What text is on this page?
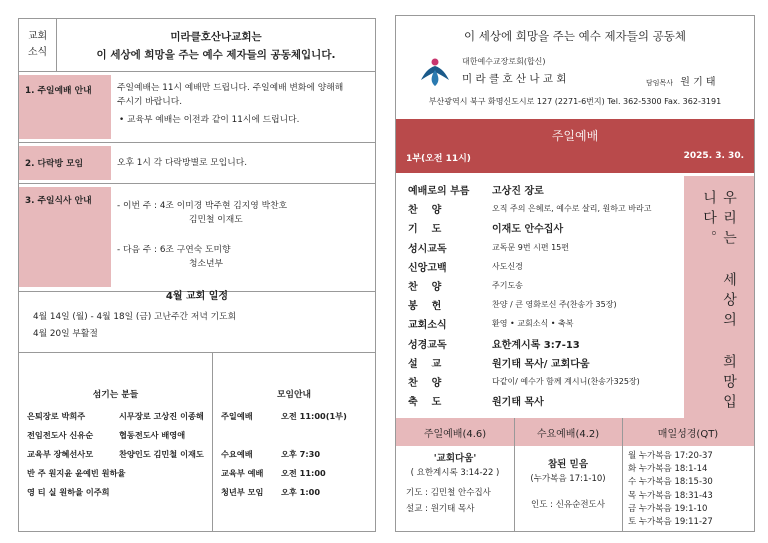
교회
소식
미라클호산나교회는
이 세상에 희망을 주는 예수 제자들의 공동체입니다.
1. 주일예배 안내	주일예배는 11시 예배만 드립니다. 주일예배 변화에 양해해
주시기 바랍니다.
• 교육부 예배는 이전과 같이 11시에 드립니다.
2. 다락방 모임	오후 1시 각 다락방별로 모입니다.
3. 주일식사 안내	- 이번 주 : 4조 이미경 박주현 김지영 박찬호
김민철 이재도
- 다음 주 : 6조 구연숙 도미향
청소년부
4월 교회 일정
4월 14일 (월) - 4월 18일 (금) 고난주간 저녁 기도회
4월 20일 부활절
섬기는 분들
은퇴장로 박희주	시무장로 고상진 이종해
전임전도사 신유순	협동전도사 배영애
교육부 장혜선사모	찬양인도 김민철 이재도
반 주 원지윤 윤예빈 원하율
영 티 실 원하율 이주희
모임안내
주일예배	오전 11:00(1부)
수요예배	오후 7:30
교육부 예배	오전 11:00
청년부 모임	오후 1:00
이 세상에 희망을 주는 예수 제자들의 공동체
대한예수교장로회(합신)
미 라 클 호 산 나 교 회	담임목사 원 기 태
부산광역시 북구 화명신도시로 127 (2271-6번지) Tel. 362-5300 Fax. 362-3191
주일예배
1부(오전 11시)	2025. 3. 30.
예배로의 부름	고상진 장로
찬    양	오직 주의 은혜로, 예수로 살리, 원하고 바라고
기    도	이재도 안수집사
성시교독	교독문 9번 시편 15편
신앙고백	사도신경
찬    양	주기도송
봉    헌	찬양 / 큰 영화로신 주(찬송가 35장)
교회소식	환영 • 교회소식 • 축복
성경교독	요한계시록 3:7-13
설    교	원기태 목사/ 교회다움
찬    양	다같이/ 예수가 함께 계시니(찬송가325장)
축    도	원기태 목사	우리는 세상의 희망입니다。
주일예배(4.6)	수요예배(4.2)	매일성경(QT)
'교회다움'
( 요한계시록 3:14-22 )
기도 : 김민철 안수집사
설교 : 원기태 목사
참된 믿음
(누가복음 17:1-10)
인도 : 신유순전도사
월 누가복음 17:20-37
화 누가복음 18:1-14
수 누가복음 18:15-30
목 누가복음 18:31-43
금 누가복음 19:1-10
토 누가복음 19:11-27
